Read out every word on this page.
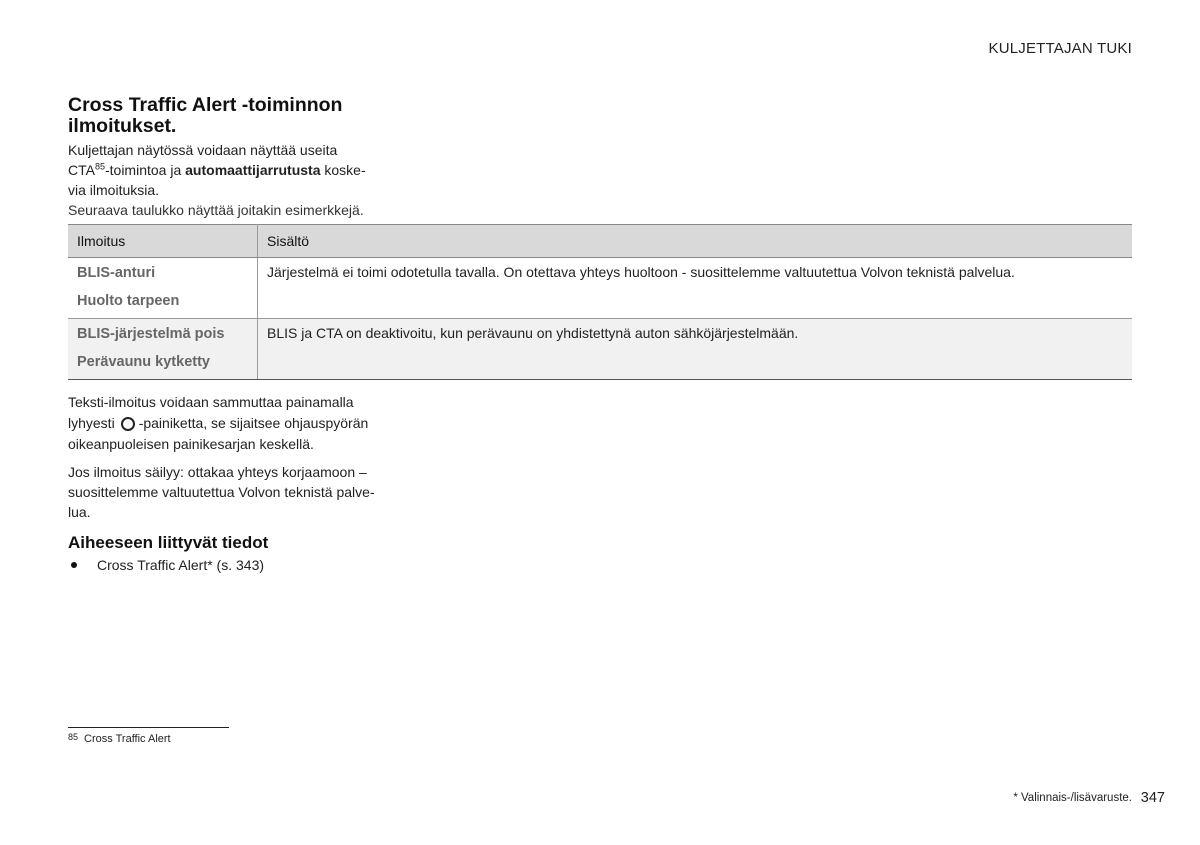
KULJETTAJAN TUKI
Cross Traffic Alert -toiminnon ilmoitukset.
Kuljettajan näytössä voidaan näyttää useita
CTA$^{85}$-toimintoa ja automaattijarrutusta koske-
via ilmoituksia.
Seuraava taulukko näyttää joitakin esimerkkejä.
Ilmoitus	Sisältö

BLIS-anturi
Huolto tarpeen	Järjestelmä ei toimi odotetulla tavalla. On otettava yhteys huoltoon - suosittelemme valtuutettua Volvon teknistä palvelua.

BLIS-järjestelmä pois
Perävaunu kytketty	BLIS ja CTA on deaktivoitu, kun perävaunu on yhdistettynä auton sähköjärjestelmään.
Teksti-ilmoitus voidaan sammuttaa painamalla
lyhyesti -painiketta, se sijaitsee ohjauspyörän
oikeanpuoleisen painikesarjan keskellä.
Jos ilmoitus säilyy: ottakaa yhteys korjaamoon –
suosittelemme valtuutettua Volvon teknistä palve-
lua.
Aiheeseen liittyvät tiedot
Cross Traffic Alert* (s. 343)
85 Cross Traffic Alert
* Valinnais-/lisävaruste. 347
